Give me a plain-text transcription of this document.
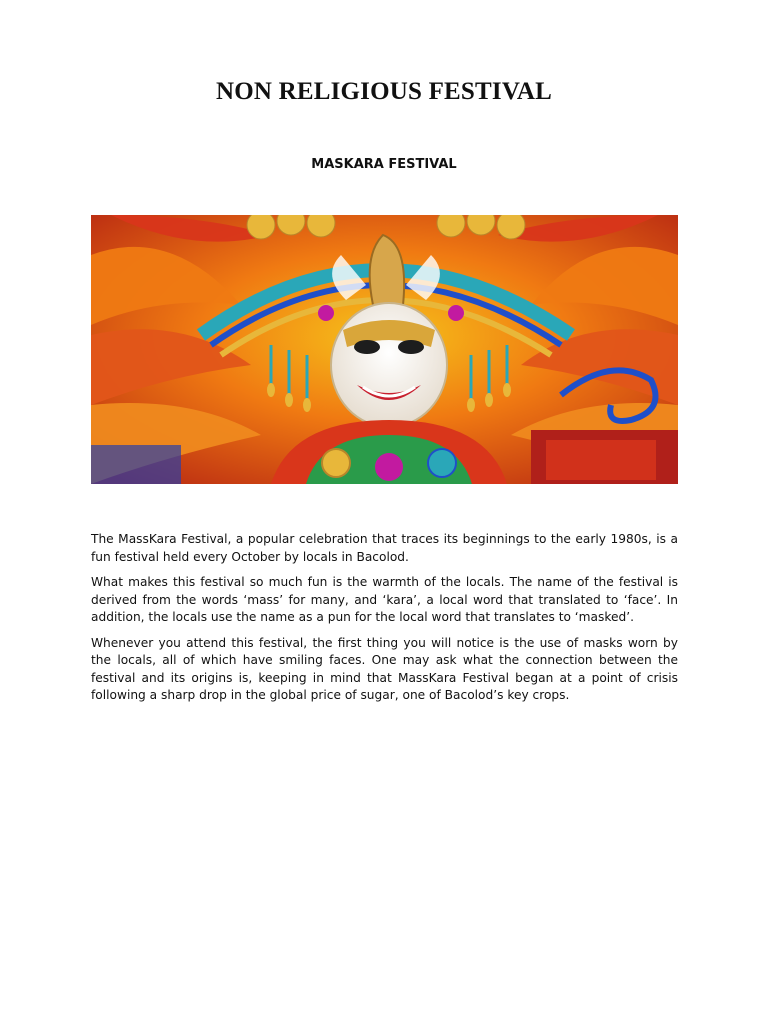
NON RELIGIOUS FESTIVAL
MASKARA FESTIVAL

The MassKara Festival, a popular celebration that traces its beginnings to the early 1980s, is a fun festival held every October by locals in Bacolod.

What makes this festival so much fun is the warmth of the locals. The name of the festival is derived from the words ‘mass’ for many, and ‘kara’, a local word that translated to ‘face’. In addition, the locals use the name as a pun for the local word that translates to ‘masked’.

Whenever you attend this festival, the first thing you will notice is the use of masks worn by the locals, all of which have smiling faces. One may ask what the connection between the festival and its origins is, keeping in mind that MassKara Festival began at a point of crisis following a sharp drop in the global price of sugar, one of Bacolod’s key crops.
